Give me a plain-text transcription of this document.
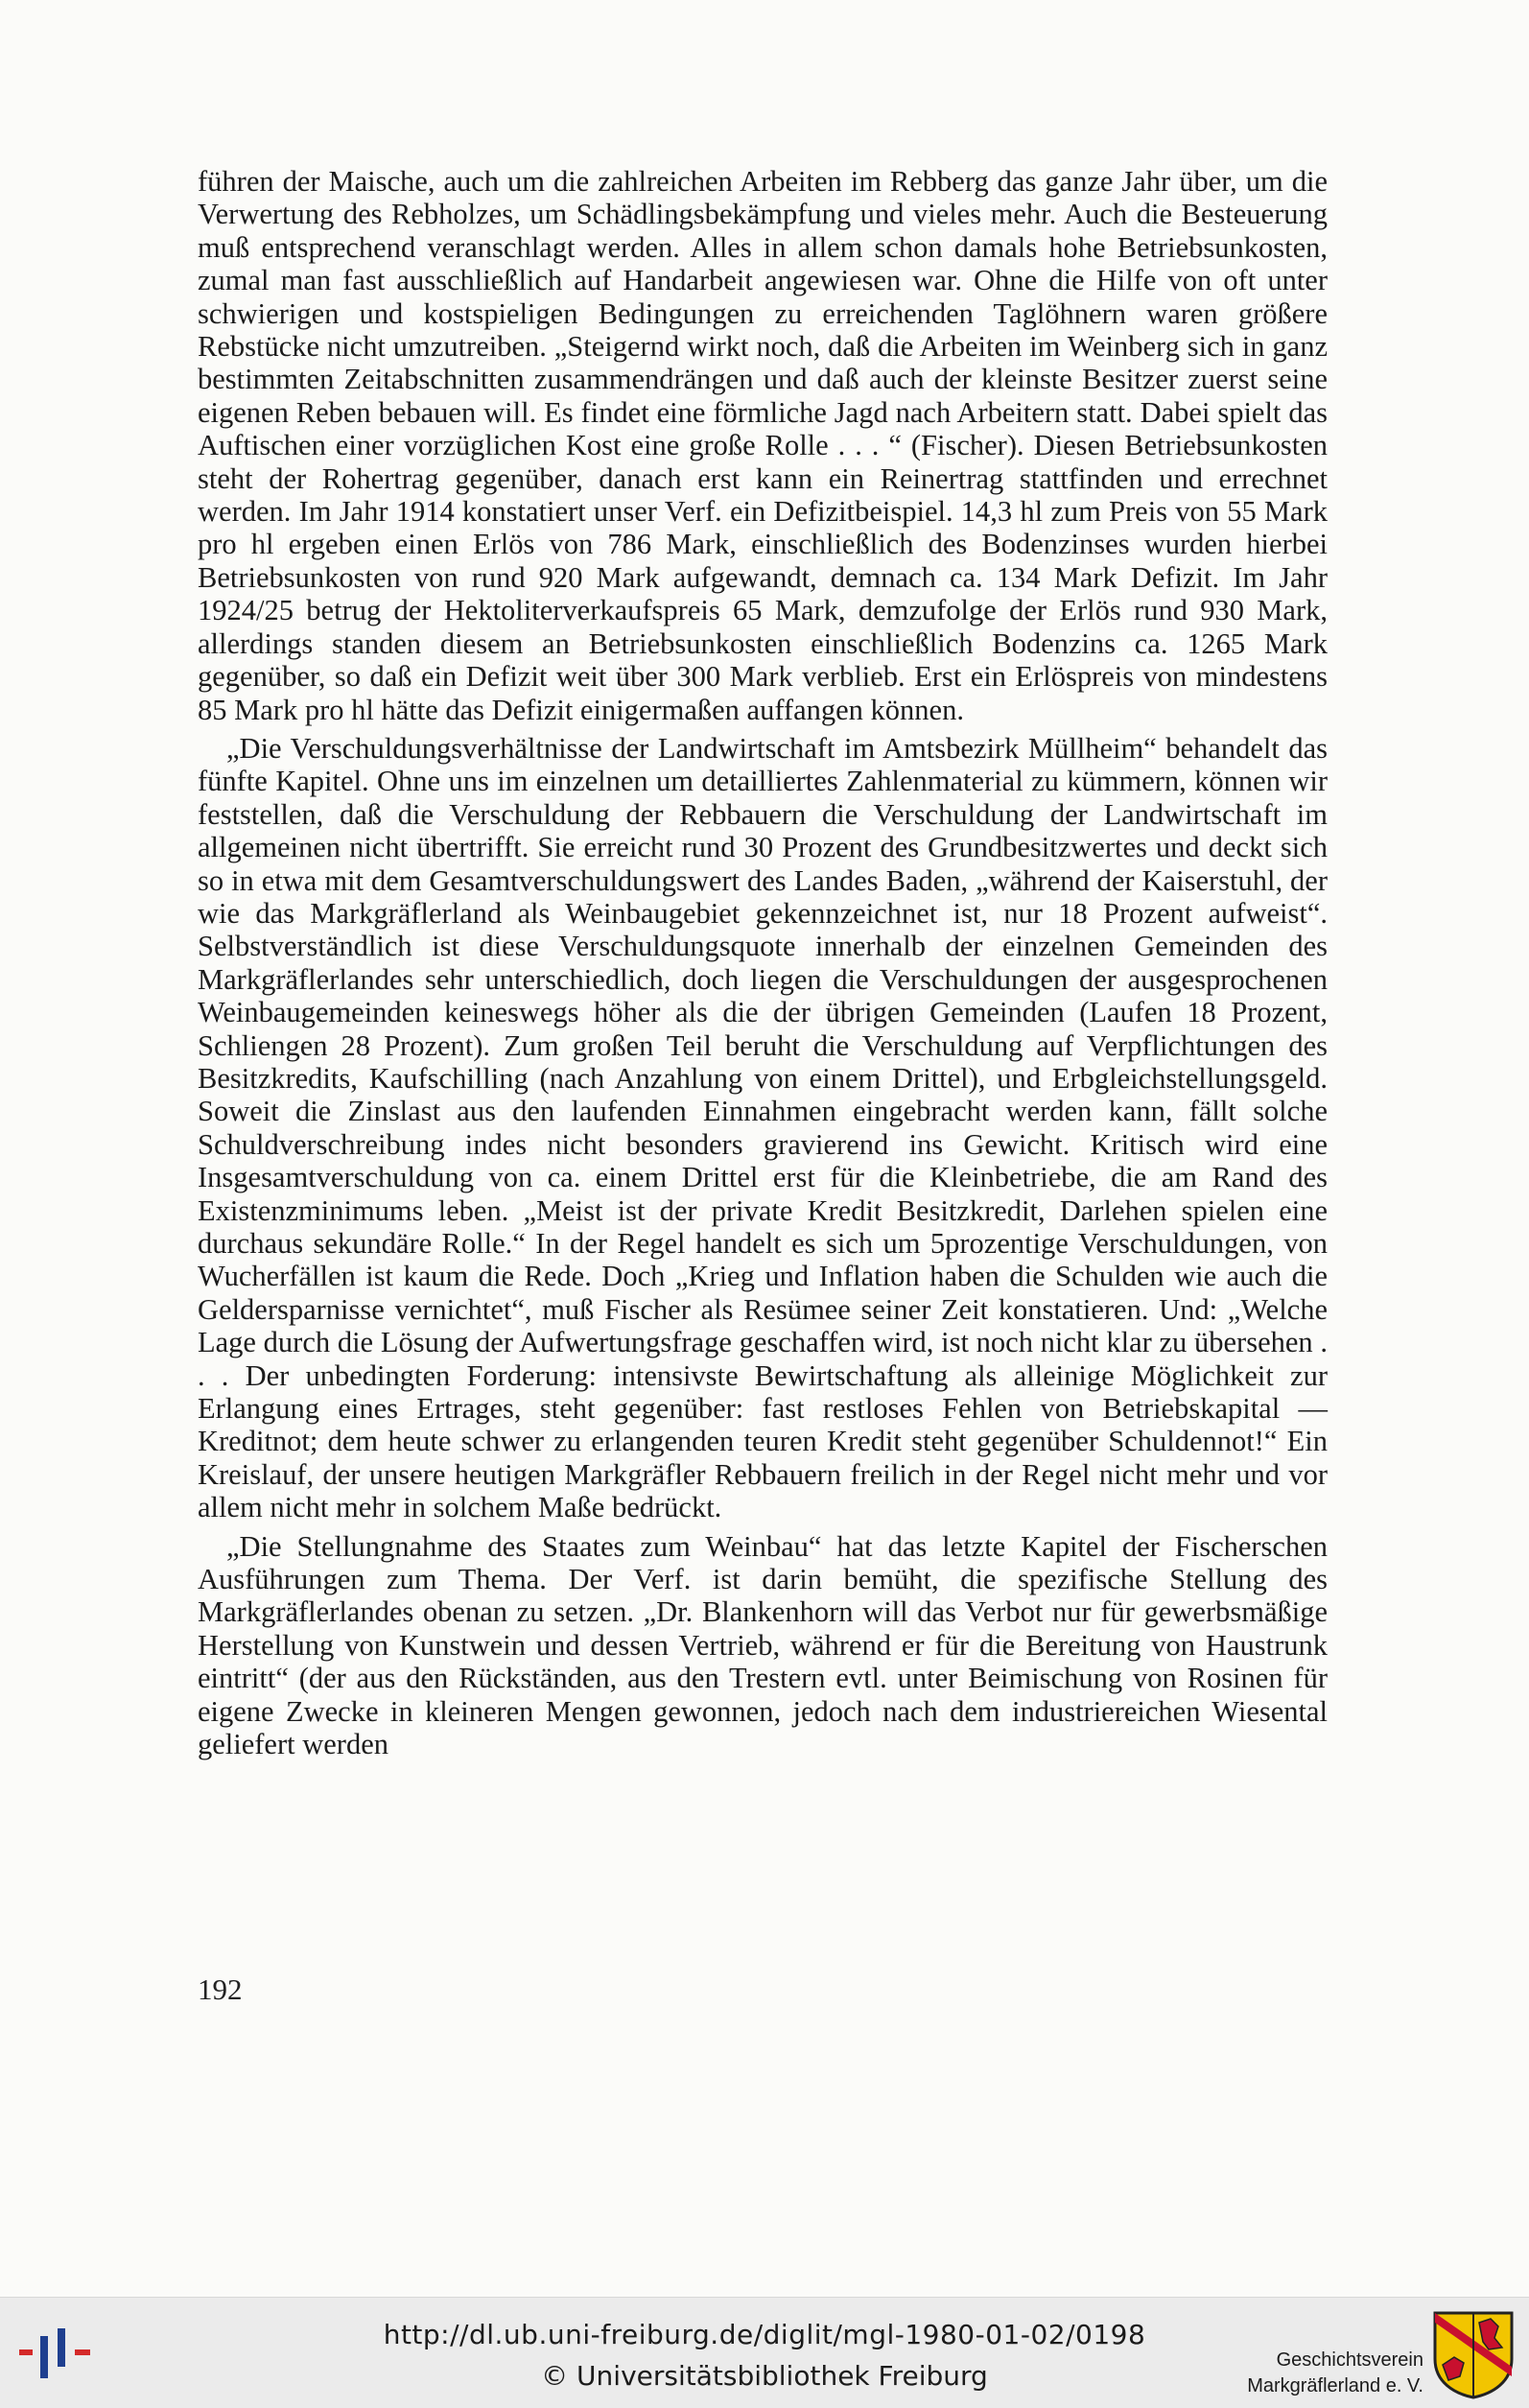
führen der Maische, auch um die zahlreichen Arbeiten im Rebberg das ganze Jahr über, um die Verwertung des Rebholzes, um Schädlingsbekämpfung und vieles mehr. Auch die Besteuerung muß entsprechend veranschlagt werden. Alles in allem schon damals hohe Betriebsunkosten, zumal man fast ausschließlich auf Handarbeit angewiesen war. Ohne die Hilfe von oft unter schwierigen und kostspieligen Bedingungen zu erreichenden Taglöhnern waren größere Rebstücke nicht umzutreiben. „Steigernd wirkt noch, daß die Arbeiten im Weinberg sich in ganz bestimmten Zeitabschnitten zusammendrängen und daß auch der kleinste Besitzer zuerst seine eigenen Reben bebauen will. Es findet eine förmliche Jagd nach Arbeitern statt. Dabei spielt das Auftischen einer vorzüglichen Kost eine große Rolle . . . “ (Fischer). Diesen Betriebsunkosten steht der Rohertrag gegenüber, danach erst kann ein Reinertrag stattfinden und errechnet werden. Im Jahr 1914 konstatiert unser Verf. ein Defizitbeispiel. 14,3 hl zum Preis von 55 Mark pro hl ergeben einen Erlös von 786 Mark, einschließlich des Bodenzinses wurden hierbei Betriebsunkosten von rund 920 Mark aufgewandt, demnach ca. 134 Mark Defizit. Im Jahr 1924/25 betrug der Hektoliterverkaufspreis 65 Mark, demzufolge der Erlös rund 930 Mark, allerdings standen diesem an Betriebsunkosten einschließlich Bodenzins ca. 1265 Mark gegenüber, so daß ein Defizit weit über 300 Mark verblieb. Erst ein Erlöspreis von mindestens 85 Mark pro hl hätte das Defizit einigermaßen auffangen können.

„Die Verschuldungsverhältnisse der Landwirtschaft im Amtsbezirk Müllheim“ behandelt das fünfte Kapitel. Ohne uns im einzelnen um detailliertes Zahlenmaterial zu kümmern, können wir feststellen, daß die Verschuldung der Rebbauern die Verschuldung der Landwirtschaft im allgemeinen nicht übertrifft. Sie erreicht rund 30 Prozent des Grundbesitzwertes und deckt sich so in etwa mit dem Gesamtverschuldungswert des Landes Baden, „während der Kaiserstuhl, der wie das Markgräflerland als Weinbaugebiet gekennzeichnet ist, nur 18 Prozent aufweist“. Selbstverständlich ist diese Verschuldungsquote innerhalb der einzelnen Gemeinden des Markgräflerlandes sehr unterschiedlich, doch liegen die Verschuldungen der ausgesprochenen Weinbaugemeinden keineswegs höher als die der übrigen Gemeinden (Laufen 18 Prozent, Schliengen 28 Prozent). Zum großen Teil beruht die Verschuldung auf Verpflichtungen des Besitzkredits, Kaufschilling (nach Anzahlung von einem Drittel), und Erbgleichstellungsgeld. Soweit die Zinslast aus den laufenden Einnahmen eingebracht werden kann, fällt solche Schuldverschreibung indes nicht besonders gravierend ins Gewicht. Kritisch wird eine Insgesamtverschuldung von ca. einem Drittel erst für die Kleinbetriebe, die am Rand des Existenzminimums leben. „Meist ist der private Kredit Besitzkredit, Darlehen spielen eine durchaus sekundäre Rolle.“ In der Regel handelt es sich um 5prozentige Verschuldungen, von Wucherfällen ist kaum die Rede. Doch „Krieg und Inflation haben die Schulden wie auch die Geldersparnisse vernichtet“, muß Fischer als Resümee seiner Zeit konstatieren. Und: „Welche Lage durch die Lösung der Aufwertungsfrage geschaffen wird, ist noch nicht klar zu übersehen . . . Der unbedingten Forderung: intensivste Bewirtschaftung als alleinige Möglichkeit zur Erlangung eines Ertrages, steht gegenüber: fast restloses Fehlen von Betriebskapital — Kreditnot; dem heute schwer zu erlangenden teuren Kredit steht gegenüber Schuldennot!“ Ein Kreislauf, der unsere heutigen Markgräfler Rebbauern freilich in der Regel nicht mehr und vor allem nicht mehr in solchem Maße bedrückt.

„Die Stellungnahme des Staates zum Weinbau“ hat das letzte Kapitel der Fischerschen Ausführungen zum Thema. Der Verf. ist darin bemüht, die spezifische Stellung des Markgräflerlandes obenan zu setzen. „Dr. Blankenhorn will das Verbot nur für gewerbsmäßige Herstellung von Kunstwein und dessen Vertrieb, während er für die Bereitung von Haustrunk eintritt“ (der aus den Rückständen, aus den Trestern evtl. unter Beimischung von Rosinen für eigene Zwecke in kleineren Mengen gewonnen, jedoch nach dem industriereichen Wiesental geliefert werden

192
http://dl.ub.uni-freiburg.de/diglit/mgl-1980-01-02/0198
© Universitätsbibliothek Freiburg	Geschichtsverein
Markgräflerland e. V.
